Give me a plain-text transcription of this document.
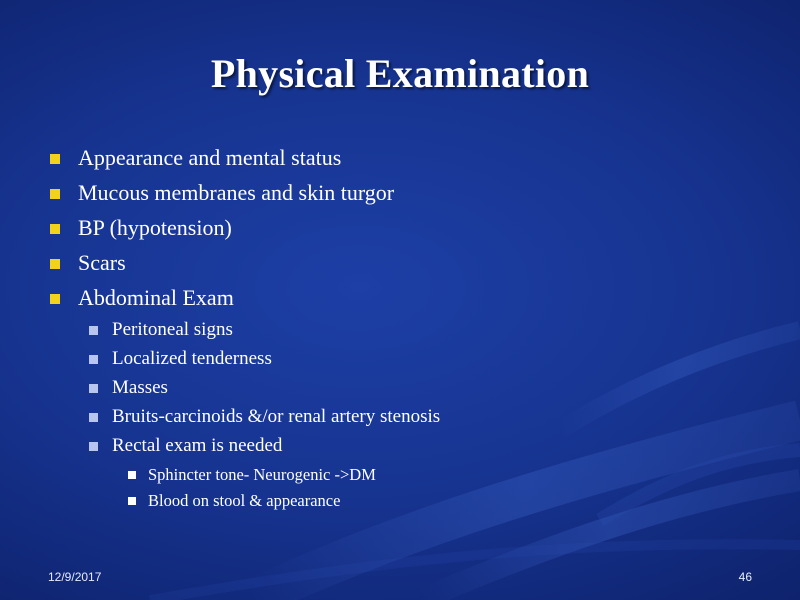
Physical Examination
Appearance and mental status
Mucous membranes and skin turgor
BP (hypotension)
Scars
Abdominal Exam
Peritoneal signs
Localized tenderness
Masses
Bruits-carcinoids &/or renal artery stenosis
Rectal exam is needed
Sphincter tone- Neurogenic ->DM
Blood on stool & appearance
12/9/2017	46
